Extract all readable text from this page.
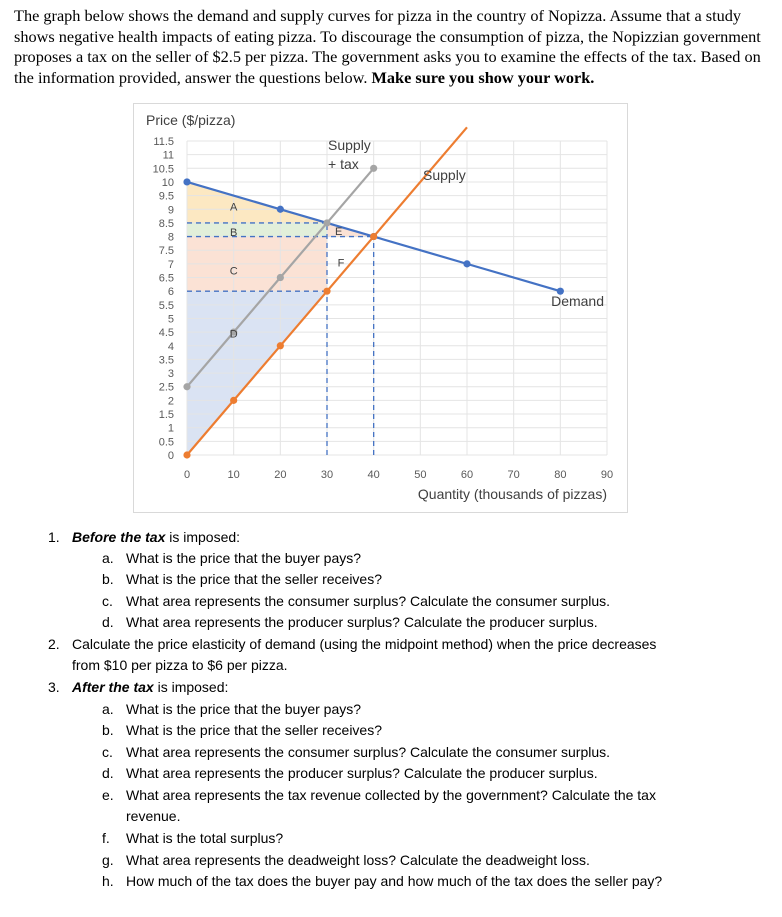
The graph below shows the demand and supply curves for pizza in the country of Nopizza. Assume that a study shows negative health impacts of eating pizza. To discourage the consumption of pizza, the Nopizzian government proposes a tax on the seller of $2.5 per pizza. The government asks you to examine the effects of the tax. Based on the information provided, answer the questions below. Make sure you show your work.
0
0.5
1
1.5
2
2.5
3
3.5
4
4.5
5
5.5
6
6.5
7
7.5
8
8.5
9
9.5
10
10.5
11
11.5
0	10	20	30	40	50	60	70	80	90
Price ($/pizza)
Quantity (thousands of pizzas)
Demand
Supply
Supply
+ tax
A
B
C
D
E
F
1. Before the tax is imposed:
a. What is the price that the buyer pays?
b. What is the price that the seller receives?
c. What area represents the consumer surplus? Calculate the consumer surplus.
d. What area represents the producer surplus? Calculate the producer surplus.
2. Calculate the price elasticity of demand (using the midpoint method) when the price decreases
from $10 per pizza to $6 per pizza.
3. After the tax is imposed:
a. What is the price that the buyer pays?
b. What is the price that the seller receives?
c. What area represents the consumer surplus? Calculate the consumer surplus.
d. What area represents the producer surplus? Calculate the producer surplus.
e. What area represents the tax revenue collected by the government? Calculate the tax
revenue.
f. What is the total surplus?
g. What area represents the deadweight loss? Calculate the deadweight loss.
h. How much of the tax does the buyer pay and how much of the tax does the seller pay?
